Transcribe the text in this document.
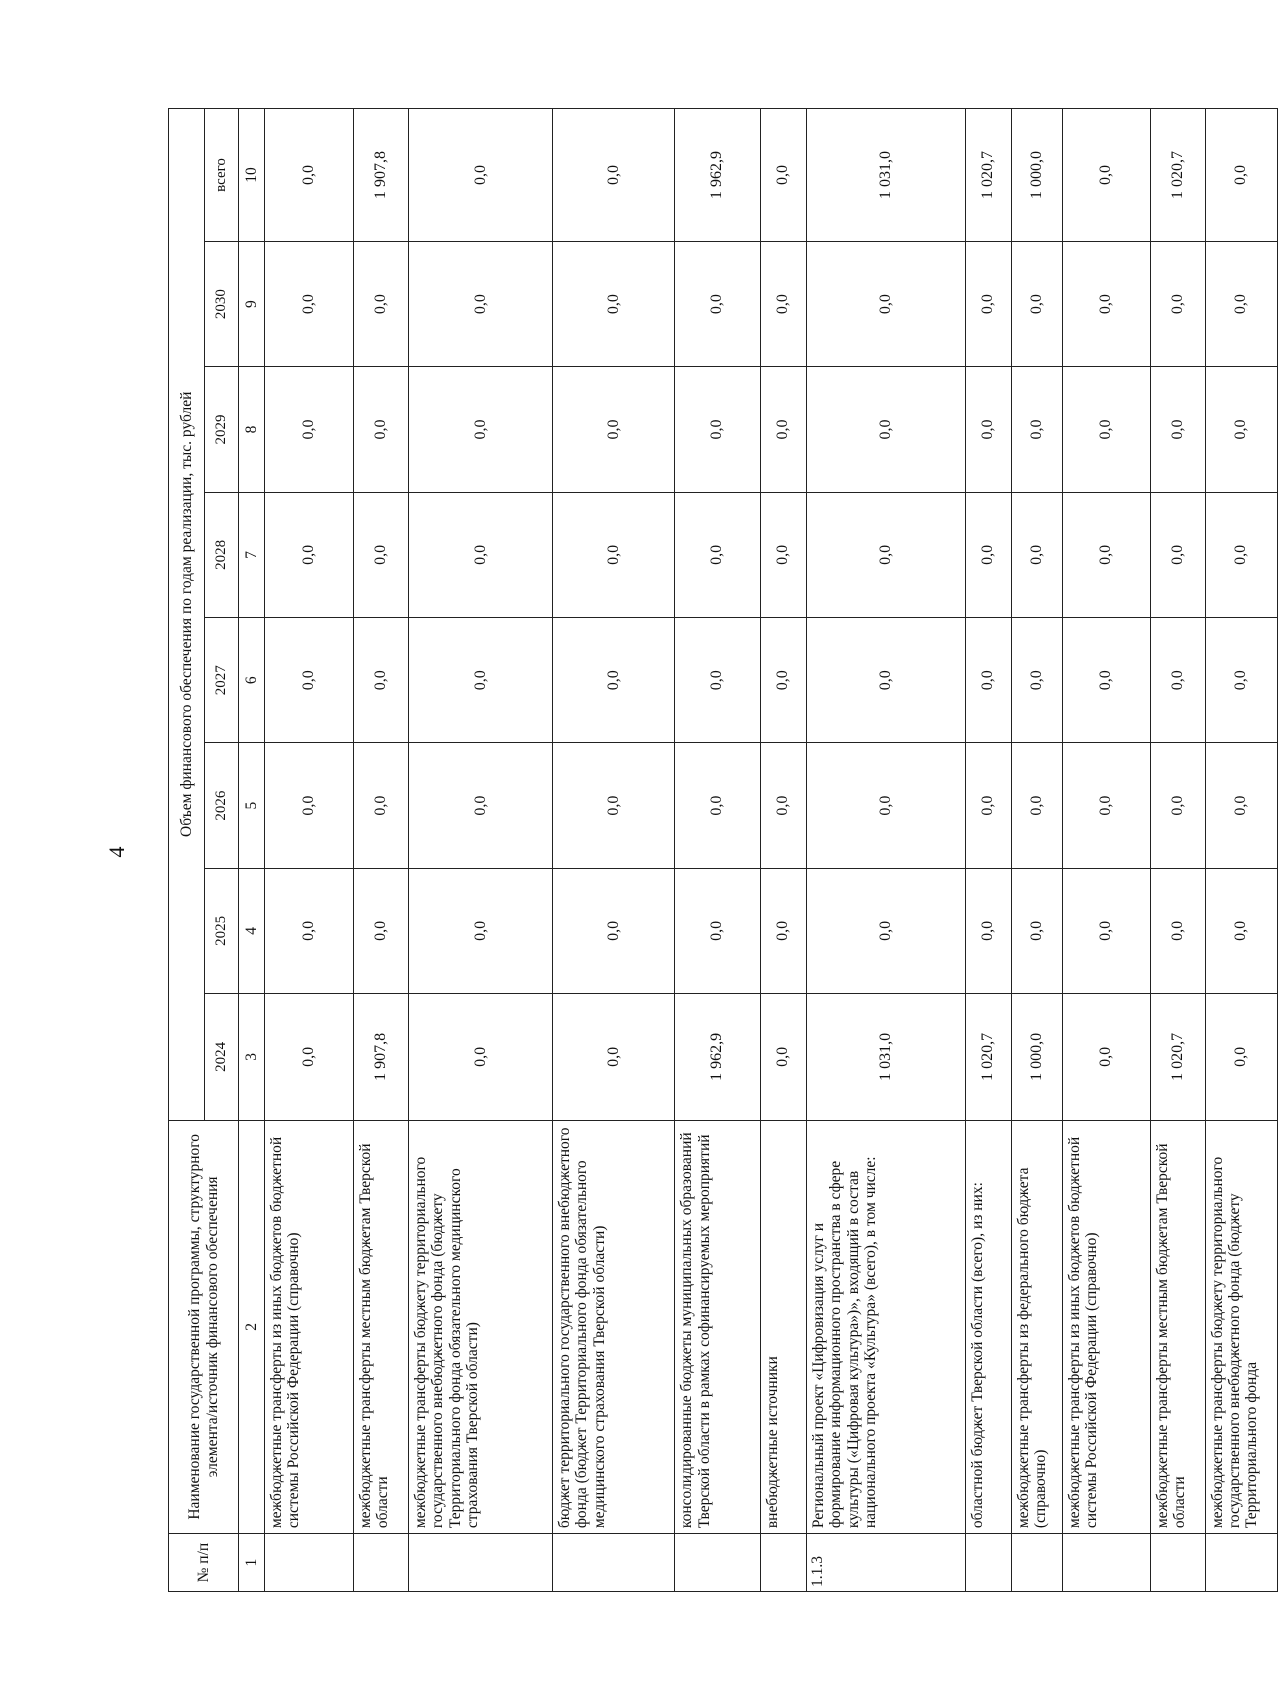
4
№ п/п	Наименование государственной программы, структурного элемента/источник финансового обеспечения	Объем финансового обеспечения по годам реализации, тыс. рублей							
		2024	2025	2026	2027	2028	2029	2030	всего
1	2	3	4	5	6	7	8	9	10
	межбюджетные трансферты из иных бюджетов бюджетной системы Российской Федерации (справочно)	0,0	0,0	0,0	0,0	0,0	0,0	0,0	0,0
	межбюджетные трансферты местным бюджетам Тверской области	1 907,8	0,0	0,0	0,0	0,0	0,0	0,0	1 907,8
	межбюджетные трансферты бюджету территориального государственного внебюджетного фонда (бюджету Территориального фонда обязательного медицинского страхования Тверской области)	0,0	0,0	0,0	0,0	0,0	0,0	0,0	0,0
	бюджет территориального государственного внебюджетного фонда (бюджет Территориального фонда обязательного медицинского страхования Тверской области)	0,0	0,0	0,0	0,0	0,0	0,0	0,0	0,0
	консолидированные бюджеты муниципальных образований Тверской области в рамках софинансируемых мероприятий	1 962,9	0,0	0,0	0,0	0,0	0,0	0,0	1 962,9
	внебюджетные источники	0,0	0,0	0,0	0,0	0,0	0,0	0,0	0,0
1.1.3	Региональный проект «Цифровизация услуг и формирование информационного пространства в сфере культуры («Цифровая культура»)», входящий в состав национального проекта «Культура» (всего), в том числе:	1 031,0	0,0	0,0	0,0	0,0	0,0	0,0	1 031,0
	областной бюджет Тверской области (всего), из них:	1 020,7	0,0	0,0	0,0	0,0	0,0	0,0	1 020,7
	межбюджетные трансферты из федерального бюджета (справочно)	1 000,0	0,0	0,0	0,0	0,0	0,0	0,0	1 000,0
	межбюджетные трансферты из иных бюджетов бюджетной системы Российской Федерации (справочно)	0,0	0,0	0,0	0,0	0,0	0,0	0,0	0,0
	межбюджетные трансферты местным бюджетам Тверской области	1 020,7	0,0	0,0	0,0	0,0	0,0	0,0	1 020,7
	межбюджетные трансферты бюджету территориального государственного внебюджетного фонда (бюджету Территориального фонда	0,0	0,0	0,0	0,0	0,0	0,0	0,0	0,0
